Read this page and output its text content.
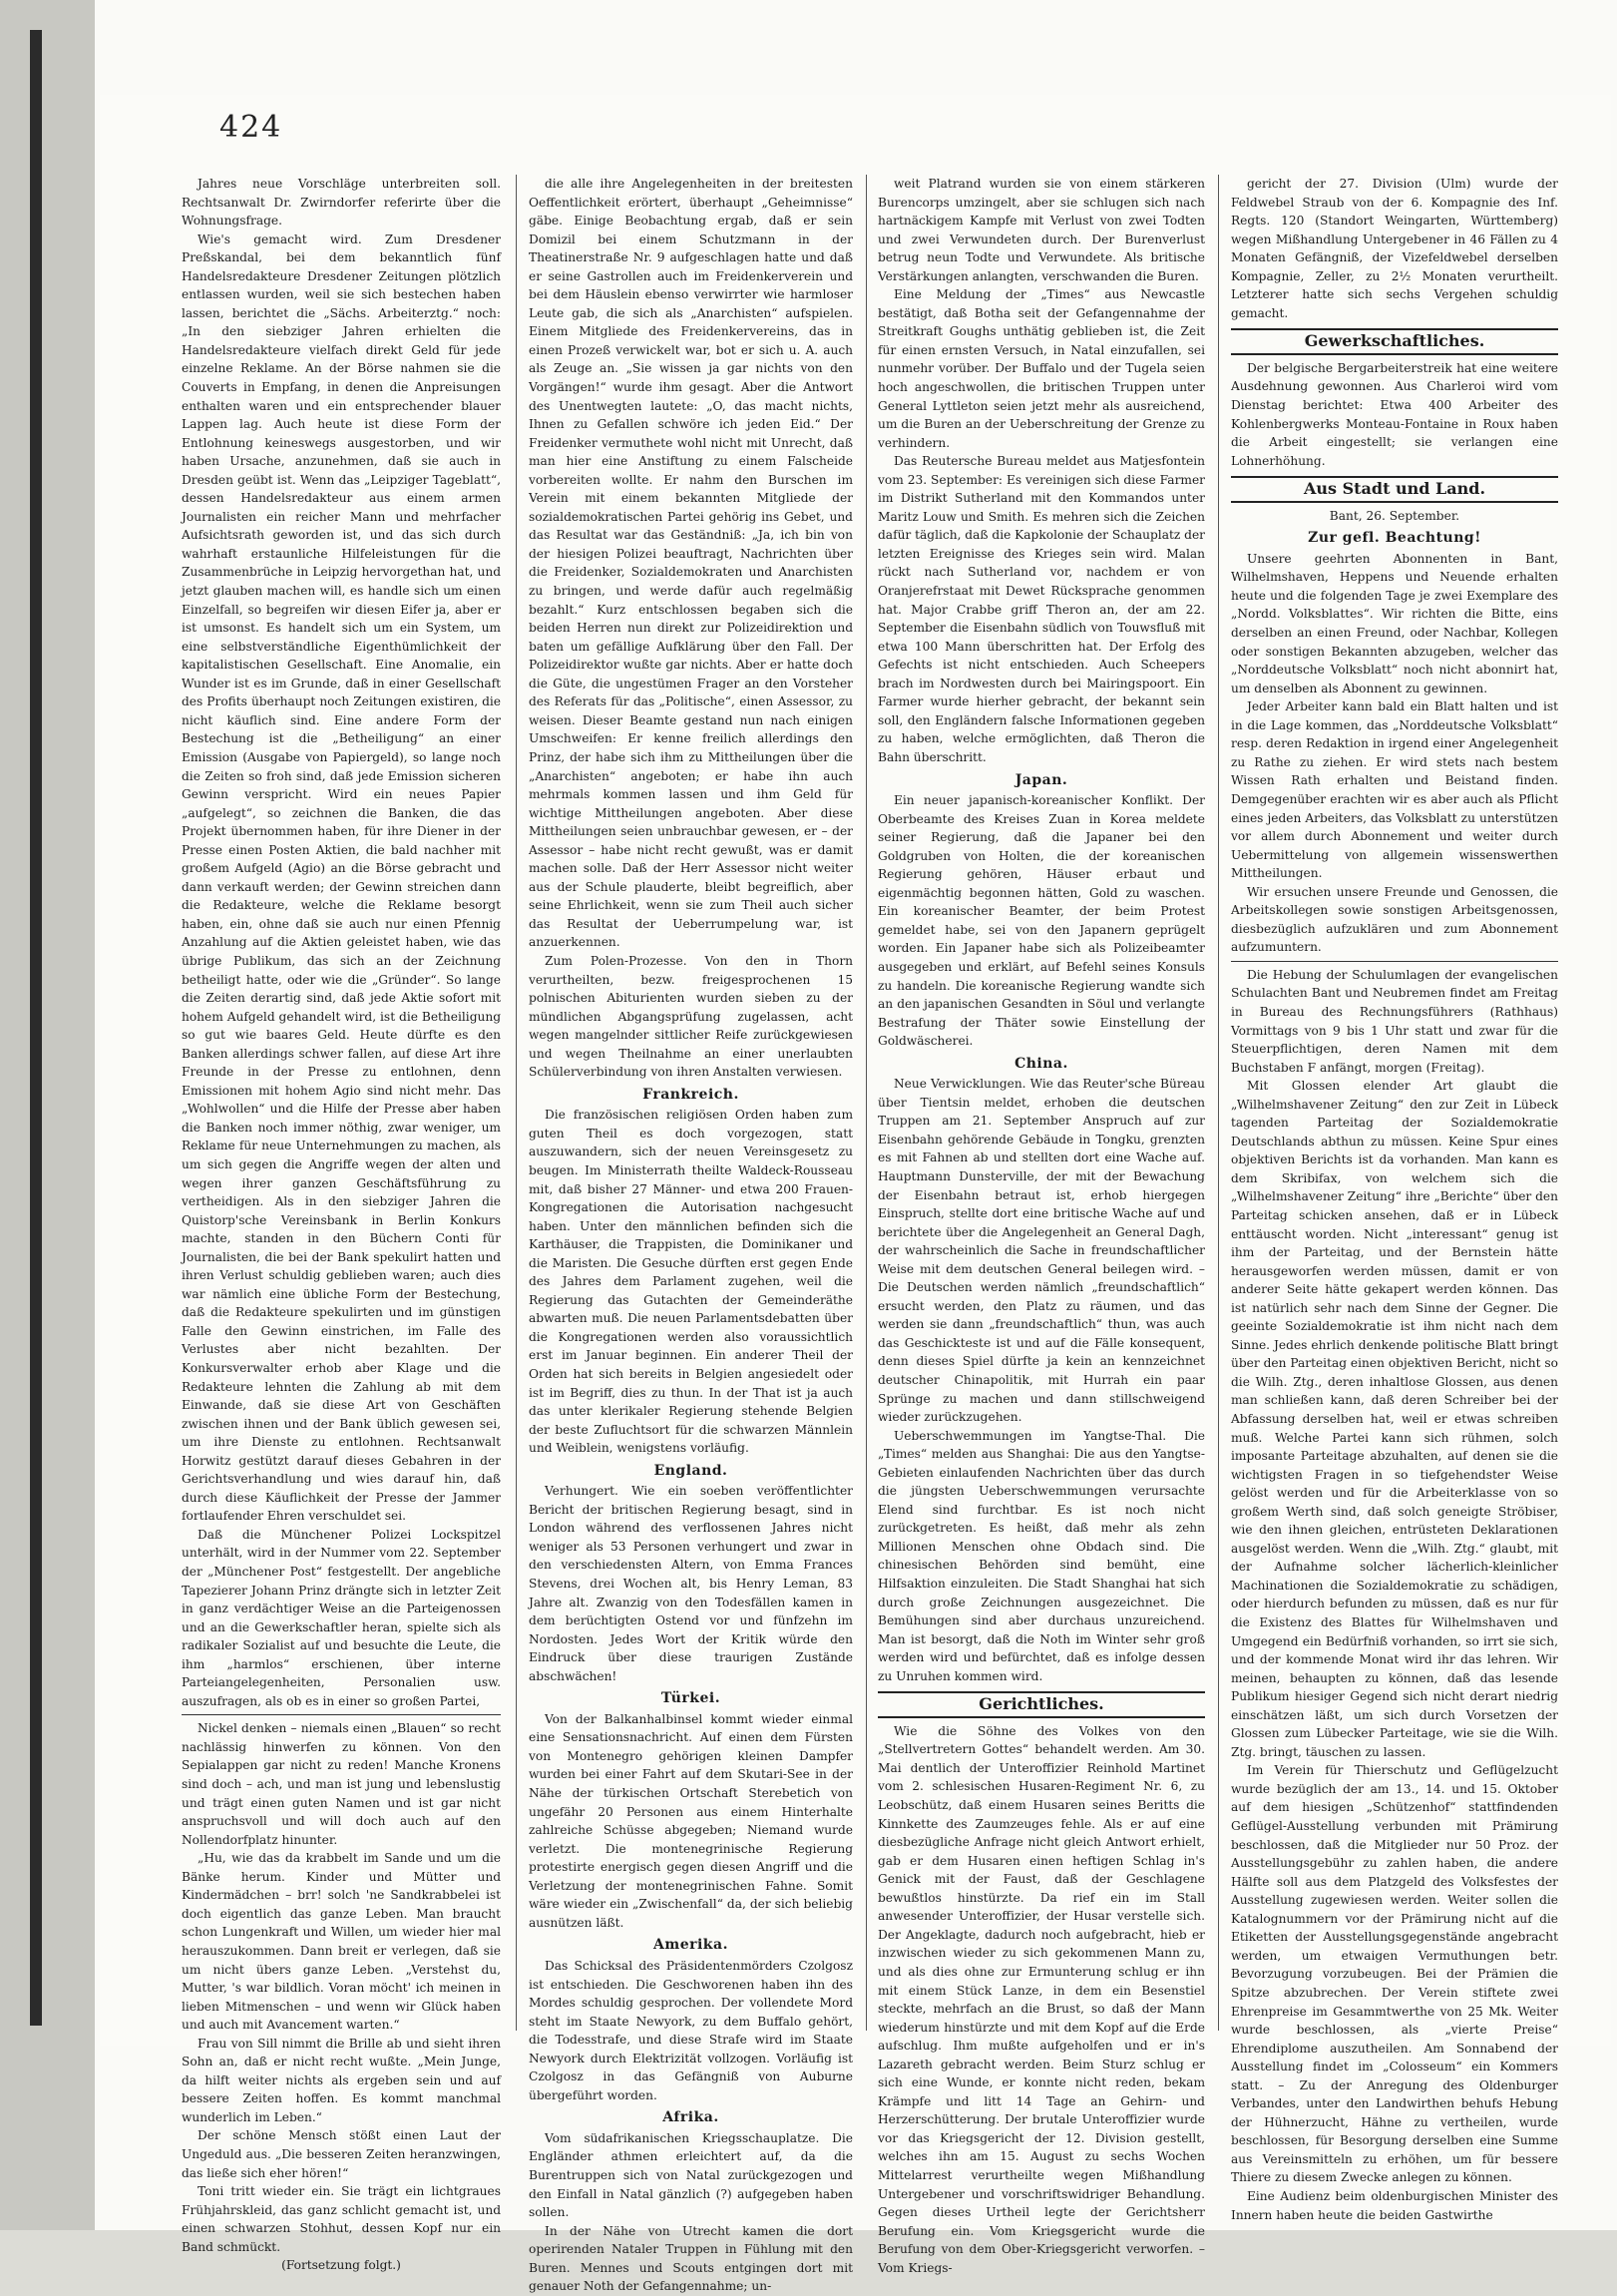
424

Jahres neue Vorschläge unterbreiten soll. Rechtsanwalt Dr. Zwirndorfer referirte über die Wohnungsfrage.

Wie's gemacht wird. Zum Dresdener Preßskandal, bei dem bekanntlich fünf Handelsredakteure Dresdener Zeitungen plötzlich entlassen wurden, weil sie sich bestechen haben lassen, berichtet die „Sächs. Arbeiterztg.“ noch: „In den siebziger Jahren erhielten die Handelsredakteure vielfach direkt Geld für jede einzelne Reklame. An der Börse nahmen sie die Couverts in Empfang, in denen die Anpreisungen enthalten waren und ein entsprechender blauer Lappen lag. Auch heute ist diese Form der Entlohnung keineswegs ausgestorben, und wir haben Ursache, anzunehmen, daß sie auch in Dresden geübt ist. Wenn das „Leipziger Tageblatt“, dessen Handelsredakteur aus einem armen Journalisten ein reicher Mann und mehrfacher Aufsichtsrath geworden ist, und das sich durch wahrhaft erstaunliche Hilfeleistungen für die Zusammenbrüche in Leipzig hervorgethan hat, und jetzt glauben machen will, es handle sich um einen Einzelfall, so begreifen wir diesen Eifer ja, aber er ist umsonst. Es handelt sich um ein System, um eine selbstverständliche Eigenthümlichkeit der kapitalistischen Gesellschaft. Eine Anomalie, ein Wunder ist es im Grunde, daß in einer Gesellschaft des Profits überhaupt noch Zeitungen existiren, die nicht käuflich sind. Eine andere Form der Bestechung ist die „Betheiligung“ an einer Emission (Ausgabe von Papiergeld), so lange noch die Zeiten so froh sind, daß jede Emission sicheren Gewinn verspricht. Wird ein neues Papier „aufgelegt“, so zeichnen die Banken, die das Projekt übernommen haben, für ihre Diener in der Presse einen Posten Aktien, die bald nachher mit großem Aufgeld (Agio) an die Börse gebracht und dann verkauft werden; der Gewinn streichen dann die Redakteure, welche die Reklame besorgt haben, ein, ohne daß sie auch nur einen Pfennig Anzahlung auf die Aktien geleistet haben, wie das übrige Publikum, das sich an der Zeichnung betheiligt hatte, oder wie die „Gründer“. So lange die Zeiten derartig sind, daß jede Aktie sofort mit hohem Aufgeld gehandelt wird, ist die Betheiligung so gut wie baares Geld. Heute dürfte es den Banken allerdings schwer fallen, auf diese Art ihre Freunde in der Presse zu entlohnen, denn Emissionen mit hohem Agio sind nicht mehr. Das „Wohlwollen“ und die Hilfe der Presse aber haben die Banken noch immer nöthig, zwar weniger, um Reklame für neue Unternehmungen zu machen, als um sich gegen die Angriffe wegen der alten und wegen ihrer ganzen Geschäftsführung zu vertheidigen. Als in den siebziger Jahren die Quistorp'sche Vereinsbank in Berlin Konkurs machte, standen in den Büchern Conti für Journalisten, die bei der Bank spekulirt hatten und ihren Verlust schuldig geblieben waren; auch dies war nämlich eine übliche Form der Bestechung, daß die Redakteure spekulirten und im günstigen Falle den Gewinn einstrichen, im Falle des Verlustes aber nicht bezahlten. Der Konkursverwalter erhob aber Klage und die Redakteure lehnten die Zahlung ab mit dem Einwande, daß sie diese Art von Geschäften zwischen ihnen und der Bank üblich gewesen sei, um ihre Dienste zu entlohnen. Rechtsanwalt Horwitz gestützt darauf dieses Gebahren in der Gerichtsverhandlung und wies darauf hin, daß durch diese Käuflichkeit der Presse der Jammer fortlaufender Ehren verschuldet sei.

Daß die Münchener Polizei Lockspitzel unterhält, wird in der Nummer vom 22. September der „Münchener Post“ festgestellt. Der angebliche Tapezierer Johann Prinz drängte sich in letzter Zeit in ganz verdächtiger Weise an die Parteigenossen und an die Gewerkschaftler heran, spielte sich als radikaler Sozialist auf und besuchte die Leute, die ihm „harmlos“ erschienen, über interne Parteiangelegenheiten, Personalien usw. auszufragen, als ob es in einer so großen Partei,

Nickel denken – niemals einen „Blauen“ so recht nachlässig hinwerfen zu können. Von den Sepialappen gar nicht zu reden! Manche Kronens sind doch – ach, und man ist jung und lebenslustig und trägt einen guten Namen und ist gar nicht anspruchsvoll und will doch auch auf den Nollendorfplatz hinunter.

„Hu, wie das da krabbelt im Sande und um die Bänke herum. Kinder und Mütter und Kindermädchen – brr! solch 'ne Sandkrabbelei ist doch eigentlich das ganze Leben. Man braucht schon Lungenkraft und Willen, um wieder hier mal herauszukommen. Dann breit er verlegen, daß sie um nicht übers ganze Leben. „Verstehst du, Mutter, 's war bildlich. Voran möcht' ich meinen in lieben Mitmenschen – und wenn wir Glück haben und auch mit Avancement warten.“

Frau von Sill nimmt die Brille ab und sieht ihren Sohn an, daß er nicht recht wußte. „Mein Junge, da hilft weiter nichts als ergeben sein und auf bessere Zeiten hoffen. Es kommt manchmal wunderlich im Leben.“

Der schöne Mensch stößt einen Laut der Ungeduld aus. „Die besseren Zeiten heranzwingen, das ließe sich eher hören!“

Toni tritt wieder ein. Sie trägt ein lichtgraues Frühjahrskleid, das ganz schlicht gemacht ist, und einen schwarzen Stohhut, dessen Kopf nur ein Band schmückt.

(Fortsetzung folgt.)

die alle ihre Angelegenheiten in der breitesten Oeffentlichkeit erörtert, überhaupt „Geheimnisse“ gäbe. Einige Beobachtung ergab, daß er sein Domizil bei einem Schutzmann in der Theatinerstraße Nr. 9 aufgeschlagen hatte und daß er seine Gastrollen auch im Freidenkerverein und bei dem Häuslein ebenso verwirrter wie harmloser Leute gab, die sich als „Anarchisten“ aufspielen. Einem Mitgliede des Freidenkervereins, das in einen Prozeß verwickelt war, bot er sich u. A. auch als Zeuge an. „Sie wissen ja gar nichts von den Vorgängen!“ wurde ihm gesagt. Aber die Antwort des Unentwegten lautete: „O, das macht nichts, Ihnen zu Gefallen schwöre ich jeden Eid.“ Der Freidenker vermuthete wohl nicht mit Unrecht, daß man hier eine Anstiftung zu einem Falscheide vorbereiten wollte. Er nahm den Burschen im Verein mit einem bekannten Mitgliede der sozialdemokratischen Partei gehörig ins Gebet, und das Resultat war das Geständniß: „Ja, ich bin von der hiesigen Polizei beauftragt, Nachrichten über die Freidenker, Sozialdemokraten und Anarchisten zu bringen, und werde dafür auch regelmäßig bezahlt.“ Kurz entschlossen begaben sich die beiden Herren nun direkt zur Polizeidirektion und baten um gefällige Aufklärung über den Fall. Der Polizeidirektor wußte gar nichts. Aber er hatte doch die Güte, die ungestümen Frager an den Vorsteher des Referats für das „Politische“, einen Assessor, zu weisen. Dieser Beamte gestand nun nach einigen Umschweifen: Er kenne freilich allerdings den Prinz, der habe sich ihm zu Mittheilungen über die „Anarchisten“ angeboten; er habe ihn auch mehrmals kommen lassen und ihm Geld für wichtige Mittheilungen angeboten. Aber diese Mittheilungen seien unbrauchbar gewesen, er – der Assessor – habe nicht recht gewußt, was er damit machen solle. Daß der Herr Assessor nicht weiter aus der Schule plauderte, bleibt begreiflich, aber seine Ehrlichkeit, wenn sie zum Theil auch sicher das Resultat der Ueberrumpelung war, ist anzuerkennen.

Zum Polen-Prozesse. Von den in Thorn verurtheilten, bezw. freigesprochenen 15 polnischen Abiturienten wurden sieben zu der mündlichen Abgangsprüfung zugelassen, acht wegen mangelnder sittlicher Reife zurückgewiesen und wegen Theilnahme an einer unerlaubten Schülerverbindung von ihren Anstalten verwiesen.

Frankreich.

Die französischen religiösen Orden haben zum guten Theil es doch vorgezogen, statt auszuwandern, sich der neuen Vereinsgesetz zu beugen. Im Ministerrath theilte Waldeck-Rousseau mit, daß bisher 27 Männer- und etwa 200 Frauen-Kongregationen die Autorisation nachgesucht haben. Unter den männlichen befinden sich die Karthäuser, die Trappisten, die Dominikaner und die Maristen. Die Gesuche dürften erst gegen Ende des Jahres dem Parlament zugehen, weil die Regierung das Gutachten der Gemeinderäthe abwarten muß. Die neuen Parlamentsdebatten über die Kongregationen werden also voraussichtlich erst im Januar beginnen. Ein anderer Theil der Orden hat sich bereits in Belgien angesiedelt oder ist im Begriff, dies zu thun. In der That ist ja auch das unter klerikaler Regierung stehende Belgien der beste Zufluchtsort für die schwarzen Männlein und Weiblein, wenigstens vorläufig.

England.

Verhungert. Wie ein soeben veröffentlichter Bericht der britischen Regierung besagt, sind in London während des verflossenen Jahres nicht weniger als 53 Personen verhungert und zwar in den verschiedensten Altern, von Emma Frances Stevens, drei Wochen alt, bis Henry Leman, 83 Jahre alt. Zwanzig von den Todesfällen kamen in dem berüchtigten Ostend vor und fünfzehn im Nordosten. Jedes Wort der Kritik würde den Eindruck über diese traurigen Zustände abschwächen!

Türkei.

Von der Balkanhalbinsel kommt wieder einmal eine Sensationsnachricht. Auf einen dem Fürsten von Montenegro gehörigen kleinen Dampfer wurden bei einer Fahrt auf dem Skutari-See in der Nähe der türkischen Ortschaft Sterebetich von ungefähr 20 Personen aus einem Hinterhalte zahlreiche Schüsse abgegeben; Niemand wurde verletzt. Die montenegrinische Regierung protestirte energisch gegen diesen Angriff und die Verletzung der montenegrinischen Fahne. Somit wäre wieder ein „Zwischenfall“ da, der sich beliebig ausnützen läßt.

Amerika.

Das Schicksal des Präsidentenmörders Czolgosz ist entschieden. Die Geschworenen haben ihn des Mordes schuldig gesprochen. Der vollendete Mord steht im Staate Newyork, zu dem Buffalo gehört, die Todesstrafe, und diese Strafe wird im Staate Newyork durch Elektrizität vollzogen. Vorläufig ist Czolgosz in das Gefängniß von Auburne übergeführt worden.

Afrika.

Vom südafrikanischen Kriegsschauplatze. Die Engländer athmen erleichtert auf, da die Burentruppen sich von Natal zurückgezogen und den Einfall in Natal gänzlich (?) aufgegeben haben sollen.

In der Nähe von Utrecht kamen die dort operirenden Nataler Truppen in Fühlung mit den Buren. Mennes und Scouts entgingen dort mit genauer Noth der Gefangennahme; un-

weit Platrand wurden sie von einem stärkeren Burencorps umzingelt, aber sie schlugen sich nach hartnäckigem Kampfe mit Verlust von zwei Todten und zwei Verwundeten durch. Der Burenverlust betrug neun Todte und Verwundete. Als britische Verstärkungen anlangten, verschwanden die Buren.

Eine Meldung der „Times“ aus Newcastle bestätigt, daß Botha seit der Gefangennahme der Streitkraft Goughs unthätig geblieben ist, die Zeit für einen ernsten Versuch, in Natal einzufallen, sei nunmehr vorüber. Der Buffalo und der Tugela seien hoch angeschwollen, die britischen Truppen unter General Lyttleton seien jetzt mehr als ausreichend, um die Buren an der Ueberschreitung der Grenze zu verhindern.

Das Reutersche Bureau meldet aus Matjesfontein vom 23. September: Es vereinigen sich diese Farmer im Distrikt Sutherland mit den Kommandos unter Maritz Louw und Smith. Es mehren sich die Zeichen dafür täglich, daß die Kapkolonie der Schauplatz der letzten Ereignisse des Krieges sein wird. Malan rückt nach Sutherland vor, nachdem er von Oranjerefrstaat mit Dewet Rücksprache genommen hat. Major Crabbe griff Theron an, der am 22. September die Eisenbahn südlich von Touwsfluß mit etwa 100 Mann überschritten hat. Der Erfolg des Gefechts ist nicht entschieden. Auch Scheepers brach im Nordwesten durch bei Mairingspoort. Ein Farmer wurde hierher gebracht, der bekannt sein soll, den Engländern falsche Informationen gegeben zu haben, welche ermöglichten, daß Theron die Bahn überschritt.

Japan.

Ein neuer japanisch-koreanischer Konflikt. Der Oberbeamte des Kreises Zuan in Korea meldete seiner Regierung, daß die Japaner bei den Goldgruben von Holten, die der koreanischen Regierung gehören, Häuser erbaut und eigenmächtig begonnen hätten, Gold zu waschen. Ein koreanischer Beamter, der beim Protest gemeldet habe, sei von den Japanern geprügelt worden. Ein Japaner habe sich als Polizeibeamter ausgegeben und erklärt, auf Befehl seines Konsuls zu handeln. Die koreanische Regierung wandte sich an den japanischen Gesandten in Söul und verlangte Bestrafung der Thäter sowie Einstellung der Goldwäscherei.

China.

Neue Verwicklungen. Wie das Reuter'sche Büreau über Tientsin meldet, erhoben die deutschen Truppen am 21. September Anspruch auf zur Eisenbahn gehörende Gebäude in Tongku, grenzten es mit Fahnen ab und stellten dort eine Wache auf. Hauptmann Dunsterville, der mit der Bewachung der Eisenbahn betraut ist, erhob hiergegen Einspruch, stellte dort eine britische Wache auf und berichtete über die Angelegenheit an General Dagh, der wahrscheinlich die Sache in freundschaftlicher Weise mit dem deutschen General beilegen wird. – Die Deutschen werden nämlich „freundschaftlich“ ersucht werden, den Platz zu räumen, und das werden sie dann „freundschaftlich“ thun, was auch das Geschickteste ist und auf die Fälle konsequent, denn dieses Spiel dürfte ja kein an kennzeichnet deutscher Chinapolitik, mit Hurrah ein paar Sprünge zu machen und dann stillschweigend wieder zurückzugehen.

Ueberschwemmungen im Yangtse-Thal. Die „Times“ melden aus Shanghai: Die aus den Yangtse-Gebieten einlaufenden Nachrichten über das durch die jüngsten Ueberschwemmungen verursachte Elend sind furchtbar. Es ist noch nicht zurückgetreten. Es heißt, daß mehr als zehn Millionen Menschen ohne Obdach sind. Die chinesischen Behörden sind bemüht, eine Hilfsaktion einzuleiten. Die Stadt Shanghai hat sich durch große Zeichnungen ausgezeichnet. Die Bemühungen sind aber durchaus unzureichend. Man ist besorgt, daß die Noth im Winter sehr groß werden wird und befürchtet, daß es infolge dessen zu Unruhen kommen wird.

Gerichtliches.

Wie die Söhne des Volkes von den „Stellvertretern Gottes“ behandelt werden. Am 30. Mai dentlich der Unteroffizier Reinhold Martinet vom 2. schlesischen Husaren-Regiment Nr. 6, zu Leobschütz, daß einem Husaren seines Beritts die Kinnkette des Zaumzeuges fehle. Als er auf eine diesbezügliche Anfrage nicht gleich Antwort erhielt, gab er dem Husaren einen heftigen Schlag in's Genick mit der Faust, daß der Geschlagene bewußtlos hinstürzte. Da rief ein im Stall anwesender Unteroffizier, der Husar verstelle sich. Der Angeklagte, dadurch noch aufgebracht, hieb er inzwischen wieder zu sich gekommenen Mann zu, und als dies ohne zur Ermunterung schlug er ihn mit einem Stück Lanze, in dem ein Besenstiel steckte, mehrfach an die Brust, so daß der Mann wiederum hinstürzte und mit dem Kopf auf die Erde aufschlug. Ihm mußte aufgeholfen und er in's Lazareth gebracht werden. Beim Sturz schlug er sich eine Wunde, er konnte nicht reden, bekam Krämpfe und litt 14 Tage an Gehirn- und Herzerschütterung. Der brutale Unteroffizier wurde vor das Kriegsgericht der 12. Division gestellt, welches ihn am 15. August zu sechs Wochen Mittelarrest verurtheilte wegen Mißhandlung Untergebener und vorschriftswidriger Behandlung. Gegen dieses Urtheil legte der Gerichtsherr Berufung ein. Vom Kriegsgericht wurde die Berufung von dem Ober-Kriegsgericht verworfen. – Vom Kriegs-

gericht der 27. Division (Ulm) wurde der Feldwebel Straub von der 6. Kompagnie des Inf. Regts. 120 (Standort Weingarten, Württemberg) wegen Mißhandlung Untergebener in 46 Fällen zu 4 Monaten Gefängniß, der Vizefeldwebel derselben Kompagnie, Zeller, zu 2½ Monaten verurtheilt. Letzterer hatte sich sechs Vergehen schuldig gemacht.

Gewerkschaftliches.

Der belgische Bergarbeiterstreik hat eine weitere Ausdehnung gewonnen. Aus Charleroi wird vom Dienstag berichtet: Etwa 400 Arbeiter des Kohlenbergwerks Monteau-Fontaine in Roux haben die Arbeit eingestellt; sie verlangen eine Lohnerhöhung.

Aus Stadt und Land.

Bant, 26. September.

Zur gefl. Beachtung!

Unsere geehrten Abonnenten in Bant, Wilhelmshaven, Heppens und Neuende erhalten heute und die folgenden Tage je zwei Exemplare des „Nordd. Volksblattes“. Wir richten die Bitte, eins derselben an einen Freund, oder Nachbar, Kollegen oder sonstigen Bekannten abzugeben, welcher das „Norddeutsche Volksblatt“ noch nicht abonnirt hat, um denselben als Abonnent zu gewinnen.

Jeder Arbeiter kann bald ein Blatt halten und ist in die Lage kommen, das „Norddeutsche Volksblatt“ resp. deren Redaktion in irgend einer Angelegenheit zu Rathe zu ziehen. Er wird stets nach bestem Wissen Rath erhalten und Beistand finden. Demgegenüber erachten wir es aber auch als Pflicht eines jeden Arbeiters, das Volksblatt zu unterstützen vor allem durch Abonnement und weiter durch Uebermittelung von allgemein wissenswerthen Mittheilungen.

Wir ersuchen unsere Freunde und Genossen, die Arbeitskollegen sowie sonstigen Arbeitsgenossen, diesbezüglich aufzuklären und zum Abonnement aufzumuntern.

Die Hebung der Schulumlagen der evangelischen Schulachten Bant und Neubremen findet am Freitag in Bureau des Rechnungsführers (Rathhaus) Vormittags von 9 bis 1 Uhr statt und zwar für die Steuerpflichtigen, deren Namen mit dem Buchstaben F anfängt, morgen (Freitag).

Mit Glossen elender Art glaubt die „Wilhelmshavener Zeitung“ den zur Zeit in Lübeck tagenden Parteitag der Sozialdemokratie Deutschlands abthun zu müssen. Keine Spur eines objektiven Berichts ist da vorhanden. Man kann es dem Skribifax, von welchem sich die „Wilhelmshavener Zeitung“ ihre „Berichte“ über den Parteitag schicken ansehen, daß er in Lübeck enttäuscht worden. Nicht „interessant“ genug ist ihm der Parteitag, und der Bernstein hätte herausgeworfen werden müssen, damit er von anderer Seite hätte gekapert werden können. Das ist natürlich sehr nach dem Sinne der Gegner. Die geeinte Sozialdemokratie ist ihm nicht nach dem Sinne. Jedes ehrlich denkende politische Blatt bringt über den Parteitag einen objektiven Bericht, nicht so die Wilh. Ztg., deren inhaltlose Glossen, aus denen man schließen kann, daß deren Schreiber bei der Abfassung derselben hat, weil er etwas schreiben muß. Welche Partei kann sich rühmen, solch imposante Parteitage abzuhalten, auf denen sie die wichtigsten Fragen in so tiefgehendster Weise gelöst werden und für die Arbeiterklasse von so großem Werth sind, daß solch geneigte Ströbiser, wie den ihnen gleichen, entrüsteten Deklarationen ausgelöst werden. Wenn die „Wilh. Ztg.“ glaubt, mit der Aufnahme solcher lächerlich-kleinlicher Machinationen die Sozialdemokratie zu schädigen, oder hierdurch befunden zu müssen, daß es nur für die Existenz des Blattes für Wilhelmshaven und Umgegend ein Bedürfniß vorhanden, so irrt sie sich, und der kommende Monat wird ihr das lehren. Wir meinen, behaupten zu können, daß das lesende Publikum hiesiger Gegend sich nicht derart niedrig einschätzen läßt, um sich durch Vorsetzen der Glossen zum Lübecker Parteitage, wie sie die Wilh. Ztg. bringt, täuschen zu lassen.

Im Verein für Thierschutz und Geflügelzucht wurde bezüglich der am 13., 14. und 15. Oktober auf dem hiesigen „Schützenhof“ stattfindenden Geflügel-Ausstellung verbunden mit Prämirung beschlossen, daß die Mitglieder nur 50 Proz. der Ausstellungsgebühr zu zahlen haben, die andere Hälfte soll aus dem Platzgeld des Volksfestes der Ausstellung zugewiesen werden. Weiter sollen die Katalognummern vor der Prämirung nicht auf die Etiketten der Ausstellungsgegenstände angebracht werden, um etwaigen Vermuthungen betr. Bevorzugung vorzubeugen. Bei der Prämien die Spitze abzubrechen. Der Verein stiftete zwei Ehrenpreise im Gesammtwerthe von 25 Mk. Weiter wurde beschlossen, als „vierte Preise“ Ehrendiplome auszutheilen. Am Sonnabend der Ausstellung findet im „Colosseum“ ein Kommers statt. – Zu der Anregung des Oldenburger Verbandes, unter den Landwirthen behufs Hebung der Hühnerzucht, Hähne zu vertheilen, wurde beschlossen, für Besorgung derselben eine Summe aus Vereinsmitteln zu erhöhen, um für bessere Thiere zu diesem Zwecke anlegen zu können.

Eine Audienz beim oldenburgischen Minister des Innern haben heute die beiden Gastwirthe
